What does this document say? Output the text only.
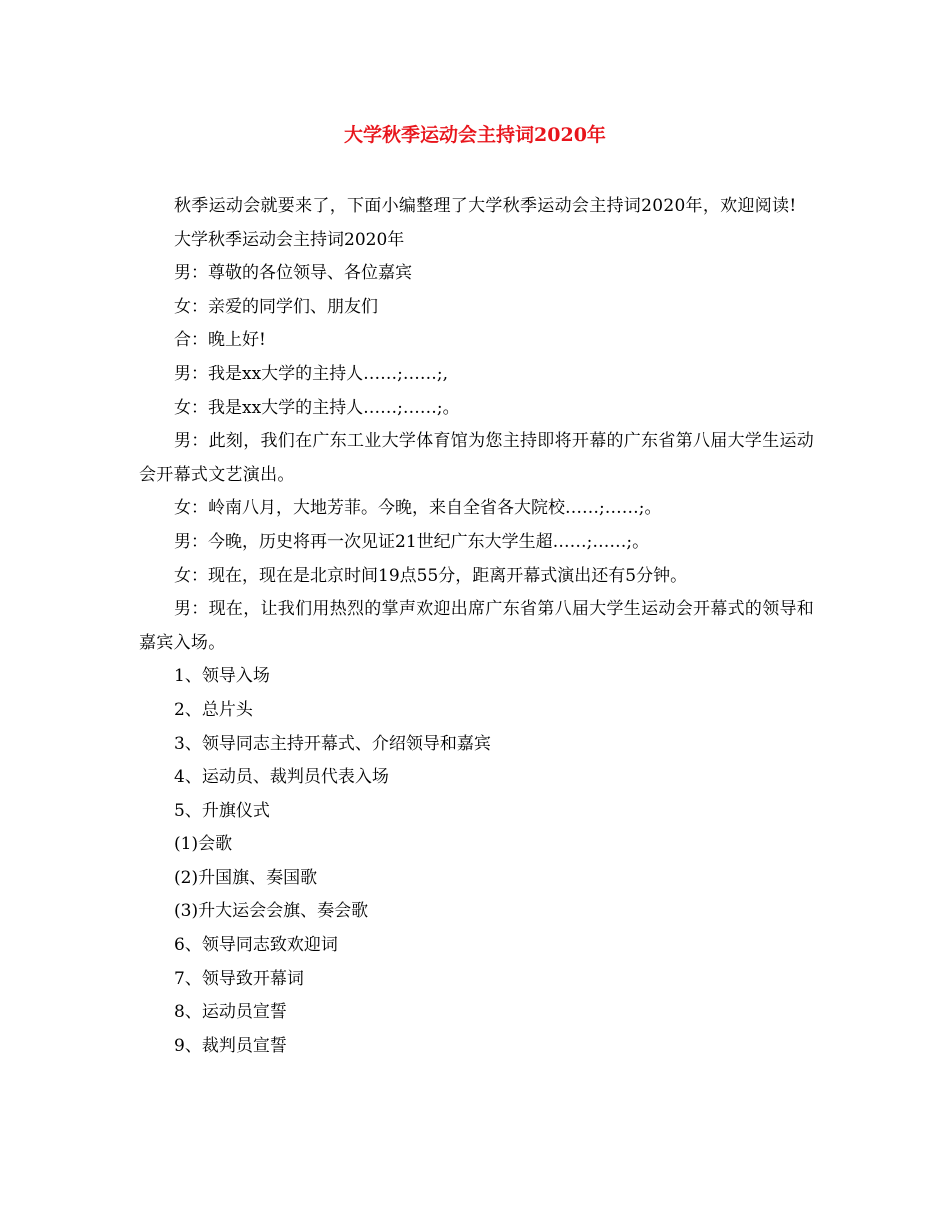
大学秋季运动会主持词2020年

秋季运动会就要来了，下面小编整理了大学秋季运动会主持词2020年，欢迎阅读!

大学秋季运动会主持词2020年

男：尊敬的各位领导、各位嘉宾

女：亲爱的同学们、朋友们

合：晚上好!

男：我是xx大学的主持人……;……;,

女：我是xx大学的主持人……;……;。

男：此刻，我们在广东工业大学体育馆为您主持即将开幕的广东省第八届大学生运动会开幕式文艺演出。

女：岭南八月，大地芳菲。今晚，来自全省各大院校……;……;。

男：今晚，历史将再一次见证21世纪广东大学生超……;……;。

女：现在，现在是北京时间19点55分，距离开幕式演出还有5分钟。

男：现在，让我们用热烈的掌声欢迎出席广东省第八届大学生运动会开幕式的领导和嘉宾入场。

1、领导入场

2、总片头

3、领导同志主持开幕式、介绍领导和嘉宾

4、运动员、裁判员代表入场

5、升旗仪式

(1)会歌

(2)升国旗、奏国歌

(3)升大运会会旗、奏会歌

6、领导同志致欢迎词

7、领导致开幕词

8、运动员宣誓

9、裁判员宣誓
